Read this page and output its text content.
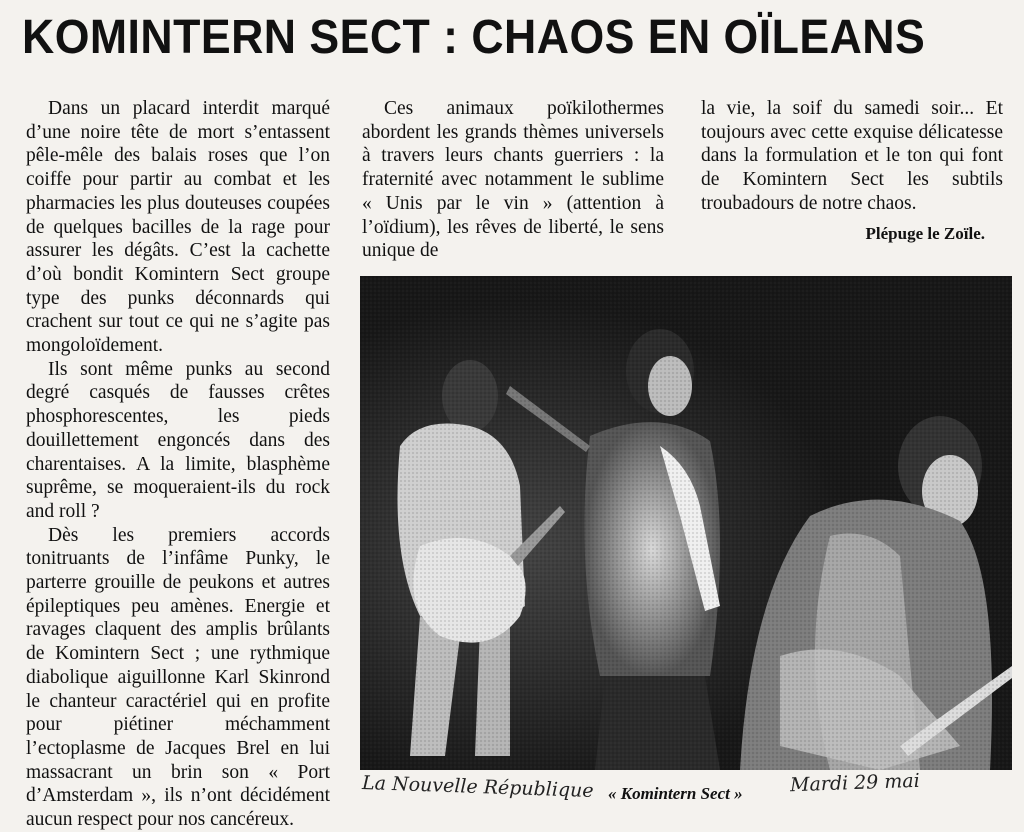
KOMINTERN SECT : CHAOS EN OÏLEANS

Dans un placard interdit marqué d’une noire tête de mort s’entassent pêle-mêle des balais roses que l’on coiffe pour partir au combat et les pharmacies les plus douteuses coupées de quelques bacilles de la rage pour assurer les dégâts. C’est la cachette d’où bondit Komintern Sect groupe type des punks déconnards qui crachent sur tout ce qui ne s’agite pas mongoloïdement.

Ils sont même punks au second degré casqués de fausses crêtes phosphorescentes, les pieds douillettement engoncés dans des charentaises. A la limite, blasphème suprême, se moqueraient-ils du rock and roll ?

Dès les premiers accords tonitruants de l’infâme Punky, le parterre grouille de peukons et autres épileptiques peu amènes. Energie et ravages claquent des amplis brûlants de Komintern Sect ; une rythmique diabolique aiguillonne Karl Skinrond le chanteur caractériel qui en profite pour piétiner méchamment l’ectoplasme de Jacques Brel en lui massacrant un brin son « Port d’Amsterdam », ils n’ont décidément aucun respect pour nos cancéreux.

Ces animaux poïkilothermes abordent les grands thèmes universels à travers leurs chants guerriers : la fraternité avec notamment le sublime « Unis par le vin » (attention à l’oïdium), les rêves de liberté, le sens unique de

la vie, la soif du samedi soir... Et toujours avec cette exquise délicatesse dans la formulation et le ton qui font de Komintern Sect les subtils troubadours de notre chaos.

Plépuge le Zoïle.
La Nouvelle République « Komintern Sect » Mardi 29 mai
